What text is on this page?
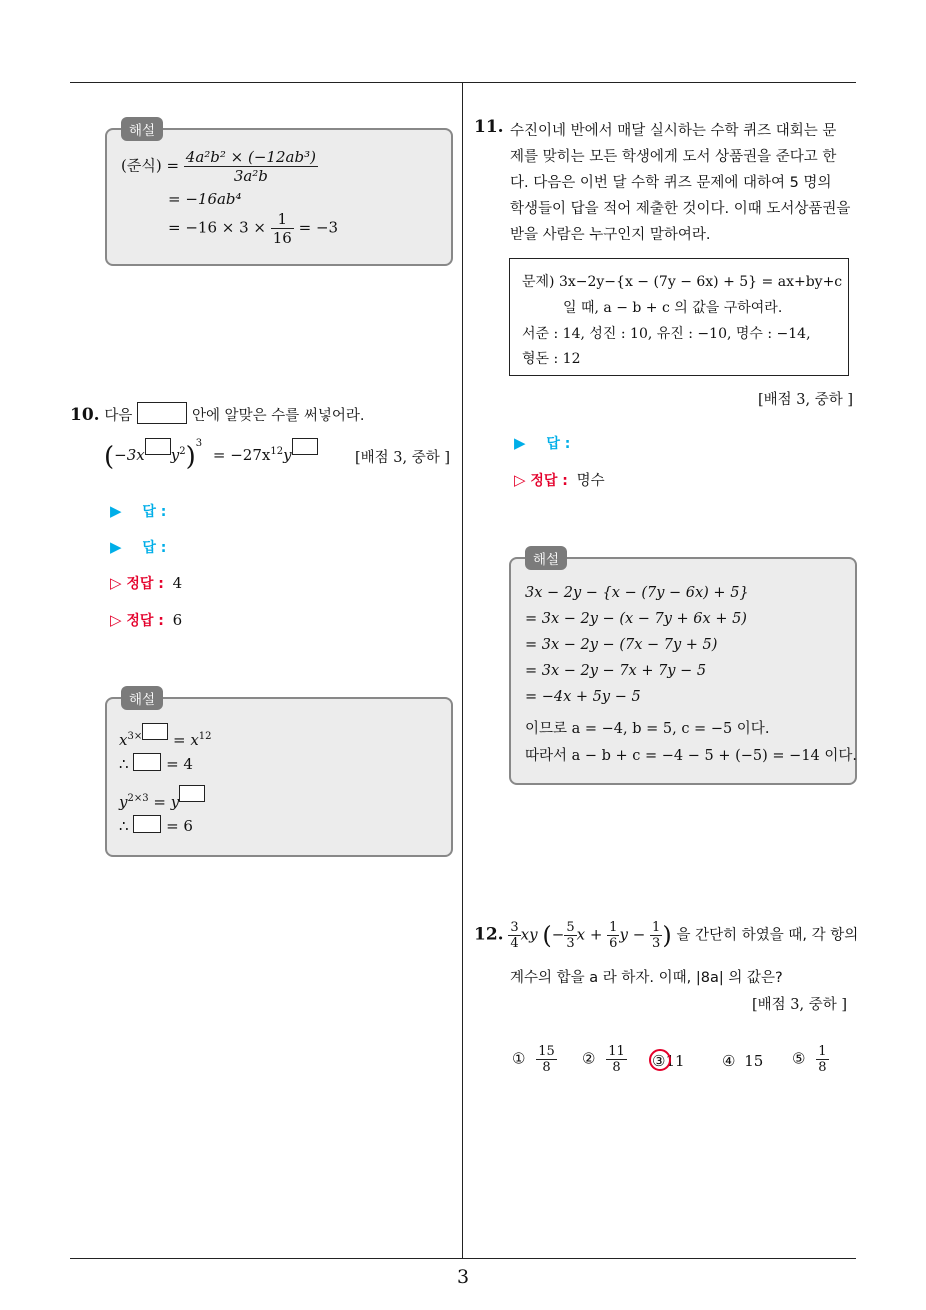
3
해설
(준식) = $\frac{\text{4a²b² × (−12ab³)}}{\text{3a²b}}$
= −16ab⁴
= $-16 \times 3 \times \frac{1}{16} = -3$
10. 다음	안에 알맞은 수를 써넣어라.
(−3x $y^2)^3 = -27x^{12}y$	[배점 3, 중하 ]
▶ 답 :
▶ 답 :
▷ 정답 : 4
▷ 정답 : 6
해설
$x^{3\times} = x^{12}$
∴  = 4
$y^{2\times 3} = y$
∴  = 6
11. 수진이네 반에서 매달 실시하는 수학 퀴즈 대회는 문
제를 맞히는 모든 학생에게 도서 상품권을 준다고 한
다. 다음은 이번 달 수학 퀴즈 문제에 대하여 5 명의
학생들이 답을 적어 제출한 것이다. 이때 도서상품권을
받을 사람은 누구인지 말하여라.
문제) 3x−2y−{x − (7y − 6x) + 5} = ax+by+c
일 때, a − b + c 의 값을 구하여라.
서준 : 14, 성진 : 10, 유진 : −10, 명수 : −14,
형돈 : 12
[배점 3, 중하 ]
▶ 답 :
▷ 정답 : 명수
해설
3x − 2y − {x − (7y − 6x) + 5}
= 3x − 2y − (x − 7y + 6x + 5)
= 3x − 2y − (7x − 7y + 5)
= 3x − 2y − 7x + 7y − 5
= −4x + 5y − 5
이므로 a = −4, b = 5, c = −5 이다.
따라서 a − b + c = −4 − 5 + (−5) = −14 이다.
12. $\frac{3}{4}$ xy (− $\frac{5}{3}$ $x + \frac{1}{6}$ $y - \frac{1}{3}$ ) 을 간단히 하였을 때, 각 항의
계수의 합을 a 라 하자. 이때, |8a| 의 값은?
[배점 3, 중하 ]
① $\frac{15}{8}$ ② $\frac{11}{8}$ ③11 ④ 15 ⑤ $\frac{1}{8}$
